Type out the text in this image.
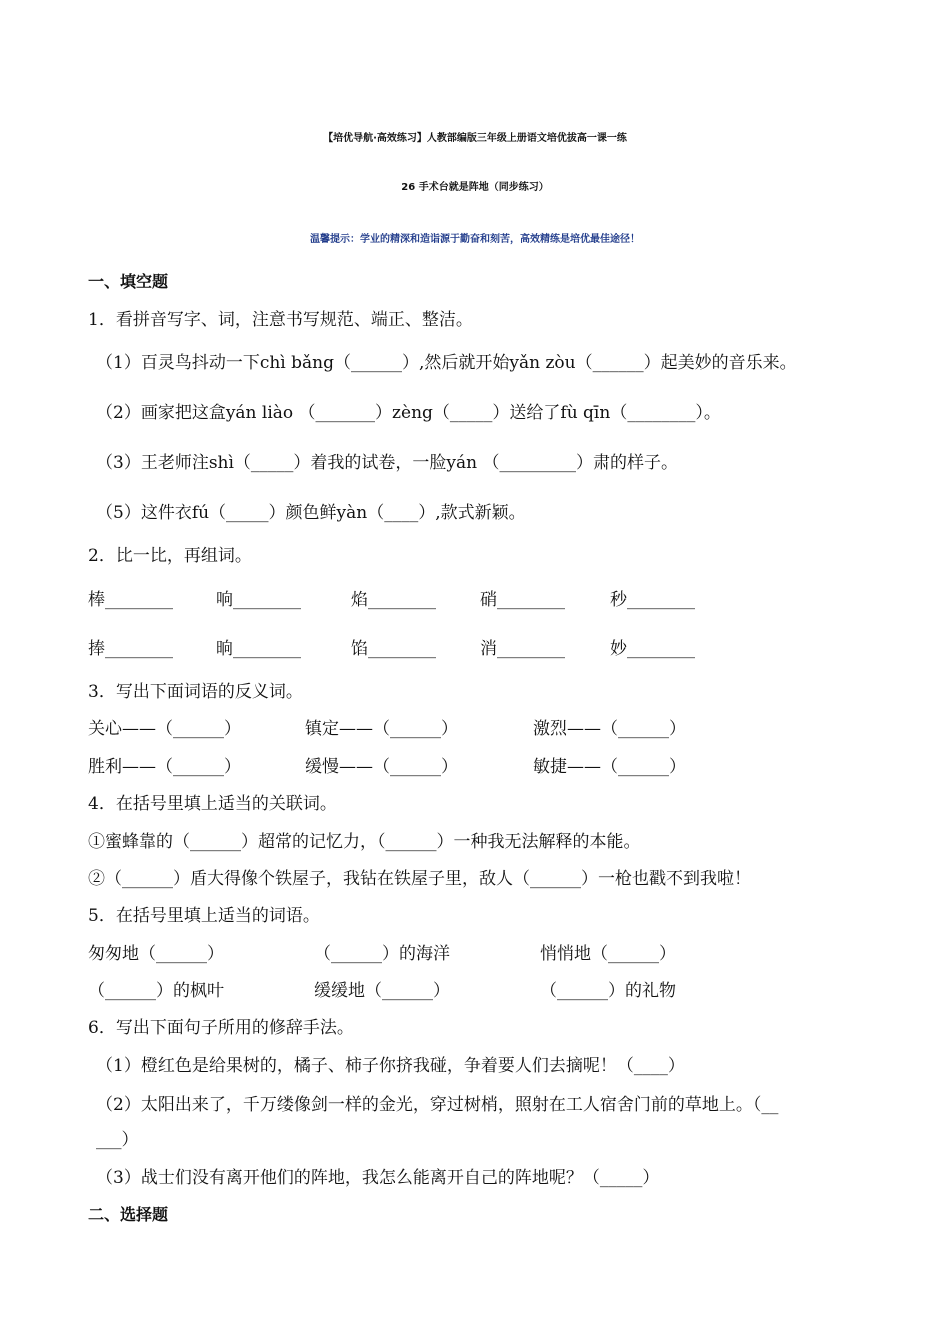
【培优导航·高效练习】人教部编版三年级上册语文培优拔高一课一练
26 手术台就是阵地（同步练习）
温馨提示：学业的精深和造诣源于勤奋和刻苦，高效精练是培优最佳途径！
一、填空题
1．看拼音写字、词，注意书写规范、端正、整洁。
（1）百灵鸟抖动一下chì bǎng（______）,然后就开始yǎn zòu（______）起美妙的音乐来。
（2）画家把这盒yán liào （_______）zèng（_____）送给了fù qīn（________）。
（3）王老师注shì（_____）着我的试卷，一脸yán （_________）肃的样子。
（5）这件衣fú（_____）颜色鲜yàn（____）,款式新颖。
2．比一比，再组词。
棒________	响________	焰________	硝________	秒________
捧________	晌________	馅________	消________	妙________
3．写出下面词语的反义词。
关心——（______）	镇定——（______）	激烈——（______）
胜利——（______）	缓慢——（______）	敏捷——（______）
4．在括号里填上适当的关联词。
①蜜蜂靠的（______）超常的记忆力，（______）一种我无法解释的本能。
②（______）盾大得像个铁屋子，我钻在铁屋子里，敌人（______）一枪也戳不到我啦！
5．在括号里填上适当的词语。
匆匆地（______）	（______）的海洋	悄悄地（______）
（______）的枫叶	缓缓地（______）	（______）的礼物
6．写出下面句子所用的修辞手法。
（1）橙红色是给果树的，橘子、柿子你挤我碰，争着要人们去摘呢！（____）
（2）太阳出来了，千万缕像剑一样的金光，穿过树梢，照射在工人宿舍门前的草地上。（__
___）
（3）战士们没有离开他们的阵地，我怎么能离开自己的阵地呢？（_____）
二、选择题
